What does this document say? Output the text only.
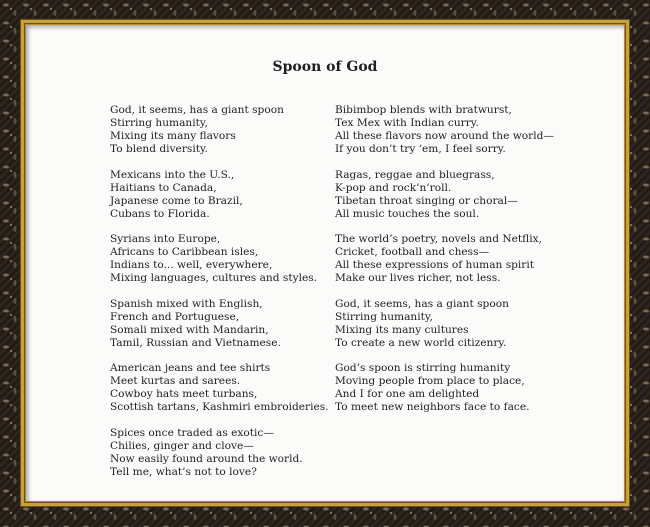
Spoon of God
God, it seems, has a giant spoon
Stirring humanity,
Mixing its many flavors
To blend diversity.
Mexicans into the U.S.,
Haitians to Canada,
Japanese come to Brazil,
Cubans to Florida.
Syrians into Europe,
Africans to Caribbean isles,
Indians to... well, everywhere,
Mixing languages, cultures and styles.
Spanish mixed with English,
French and Portuguese,
Somali mixed with Mandarin,
Tamil, Russian and Vietnamese.
American jeans and tee shirts
Meet kurtas and sarees.
Cowboy hats meet turbans,
Scottish tartans, Kashmiri embroideries.
Spices once traded as exotic—
Chilies, ginger and clove—
Now easily found around the world.
Tell me, what’s not to love?
Bibimbop blends with bratwurst,
Tex Mex with Indian curry.
All these flavors now around the world—
If you don’t try ‘em, I feel sorry.
Ragas, reggae and bluegrass,
K-pop and rock’n’roll.
Tibetan throat singing or choral—
All music touches the soul.
The world’s poetry, novels and Netflix,
Cricket, football and chess—
All these expressions of human spirit
Make our lives richer, not less.
God, it seems, has a giant spoon
Stirring humanity,
Mixing its many cultures
To create a new world citizenry.
God’s spoon is stirring humanity
Moving people from place to place,
And I for one am delighted
To meet new neighbors face to face.
